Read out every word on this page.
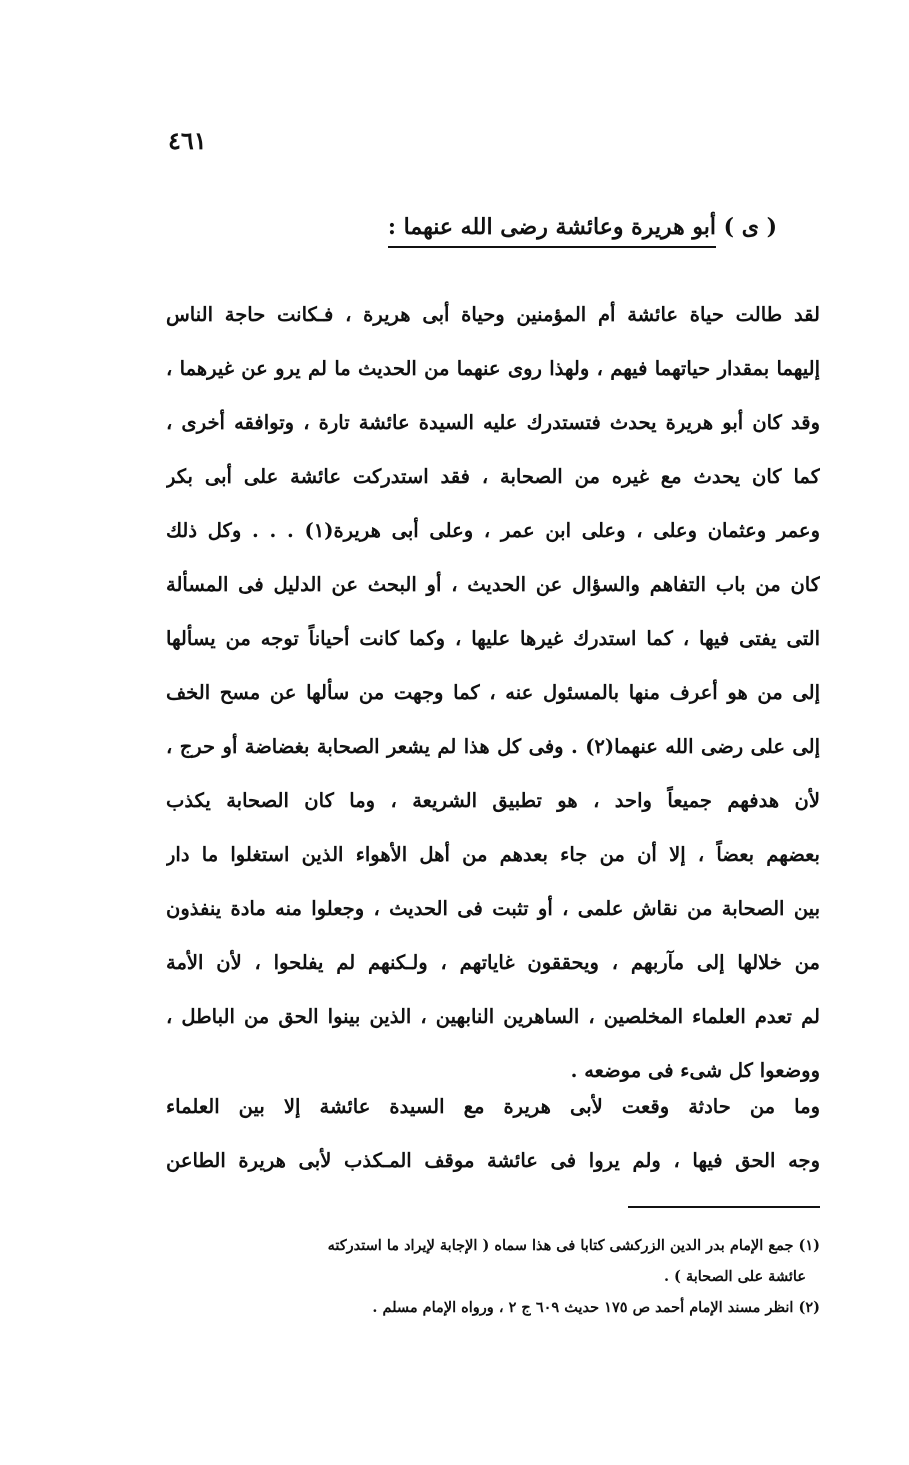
٤٦١
( ى ) أبو هريرة وعائشة رضى الله عنهما :
لقد طالت حياة عائشة أم المؤمنين وحياة أبى هريرة ، فـكانت حاجة الناس
إليهما بمقدار حياتهما فيهم ، ولهذا روى عنهما من الحديث ما لم يرو عن غيرهما ،
وقد كان أبو هريرة يحدث فتستدرك عليه السيدة عائشة تارة ، وتوافقه أخرى ،
كما كان يحدث مع غيره من الصحابة ، فقد استدركت عائشة على أبى بكر
وعمر وعثمان وعلى ، وعلى ابن عمر ، وعلى أبى هريرة(١) . . . وكل ذلك
كان من باب التفاهم والسؤال عن الحديث ، أو البحث عن الدليل فى المسألة
التى يفتى فيها ، كما استدرك غيرها عليها ، وكما كانت أحياناً توجه من يسألها
إلى من هو أعرف منها بالمسئول عنه ، كما وجهت من سألها عن مسح الخف
إلى على رضى الله عنهما(٢) . وفى كل هذا لم يشعر الصحابة بغضاضة أو حرج ،
لأن هدفهم جميعاً واحد ، هو تطبيق الشريعة ، وما كان الصحابة يكذب
بعضهم بعضاً ، إلا أن من جاء بعدهم من أهل الأهواء الذين استغلوا ما دار
بين الصحابة من نقاش علمى ، أو تثبت فى الحديث ، وجعلوا منه مادة ينفذون
من خلالها إلى مآربهم ، ويحققون غاياتهم ، ولـكنهم لم يفلحوا ، لأن الأمة
لم تعدم العلماء المخلصين ، الساهرين النابهين ، الذين بينوا الحق من الباطل ،
ووضعوا كل شىء فى موضعه .
وما من حادثة وقعت لأبى هريرة مع السيدة عائشة إلا بين العلماء
وجه الحق فيها ، ولم يروا فى عائشة موقف المـكذب لأبى هريرة الطاعن
(١) جمع الإمام بدر الدين الزركشى كتابا فى هذا سماه ( الإجابة لإيراد ما استدركته
عائشة على الصحابة ) .
(٢) انظر مسند الإمام أحمد ص ١٧٥ حديث ٦٠٩ ج ٢ ، ورواه الإمام مسلم .
